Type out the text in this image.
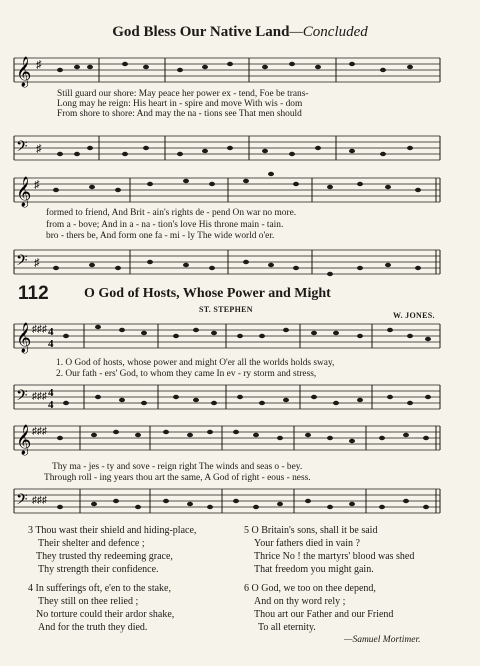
God Bless Our Native Land—Concluded
𝄞 ♯
𝄢 ♯
Still guard our shore: May peace her power ex - tend, Foe be trans-
Long may he reign: His heart in - spire and move With wis - dom
From shore to shore: And may the na - tions see That men should
𝄞 ♯
𝄢 ♯
formed to friend, And Brit - ain's rights de - pend On war no more.
from a - bove; And in a - na - tion's love His throne main - tain.
bro - thers be, And form one fa - mi - ly The wide world o'er.
112	O God of Hosts, Whose Power and Might
ST. STEPHEN
W. JONES.
𝄞 ♯♯♯ 4
4
1. O God of hosts, whose power and might O'er all the worlds holds sway,
2. Our fath - ers' God, to whom they came In ev - ry storm and stress,
𝄢 ♯♯♯ 4
4
𝄞 ♯♯♯
Thy ma - jes - ty and sove - reign right The winds and seas o - bey.
Through roll - ing years thou art the same, A God of right - eous - ness.
𝄢 ♯♯♯
3 Thou wast their shield and hiding-place,
Their shelter and defence ;
They trusted thy redeeming grace,
Thy strength their confidence.
4 In sufferings oft, e'en to the stake,
They still on thee relied ;
No torture could their ardor shake,
And for the truth they died.
5 O Britain's sons, shall it be said
Your fathers died in vain ?
Thrice No ! the martyrs' blood was shed
That freedom you might gain.
6 O God, we too on thee depend,
And on thy word rely ;
Thou art our Father and our Friend
To all eternity.
—Samuel Mortimer.
